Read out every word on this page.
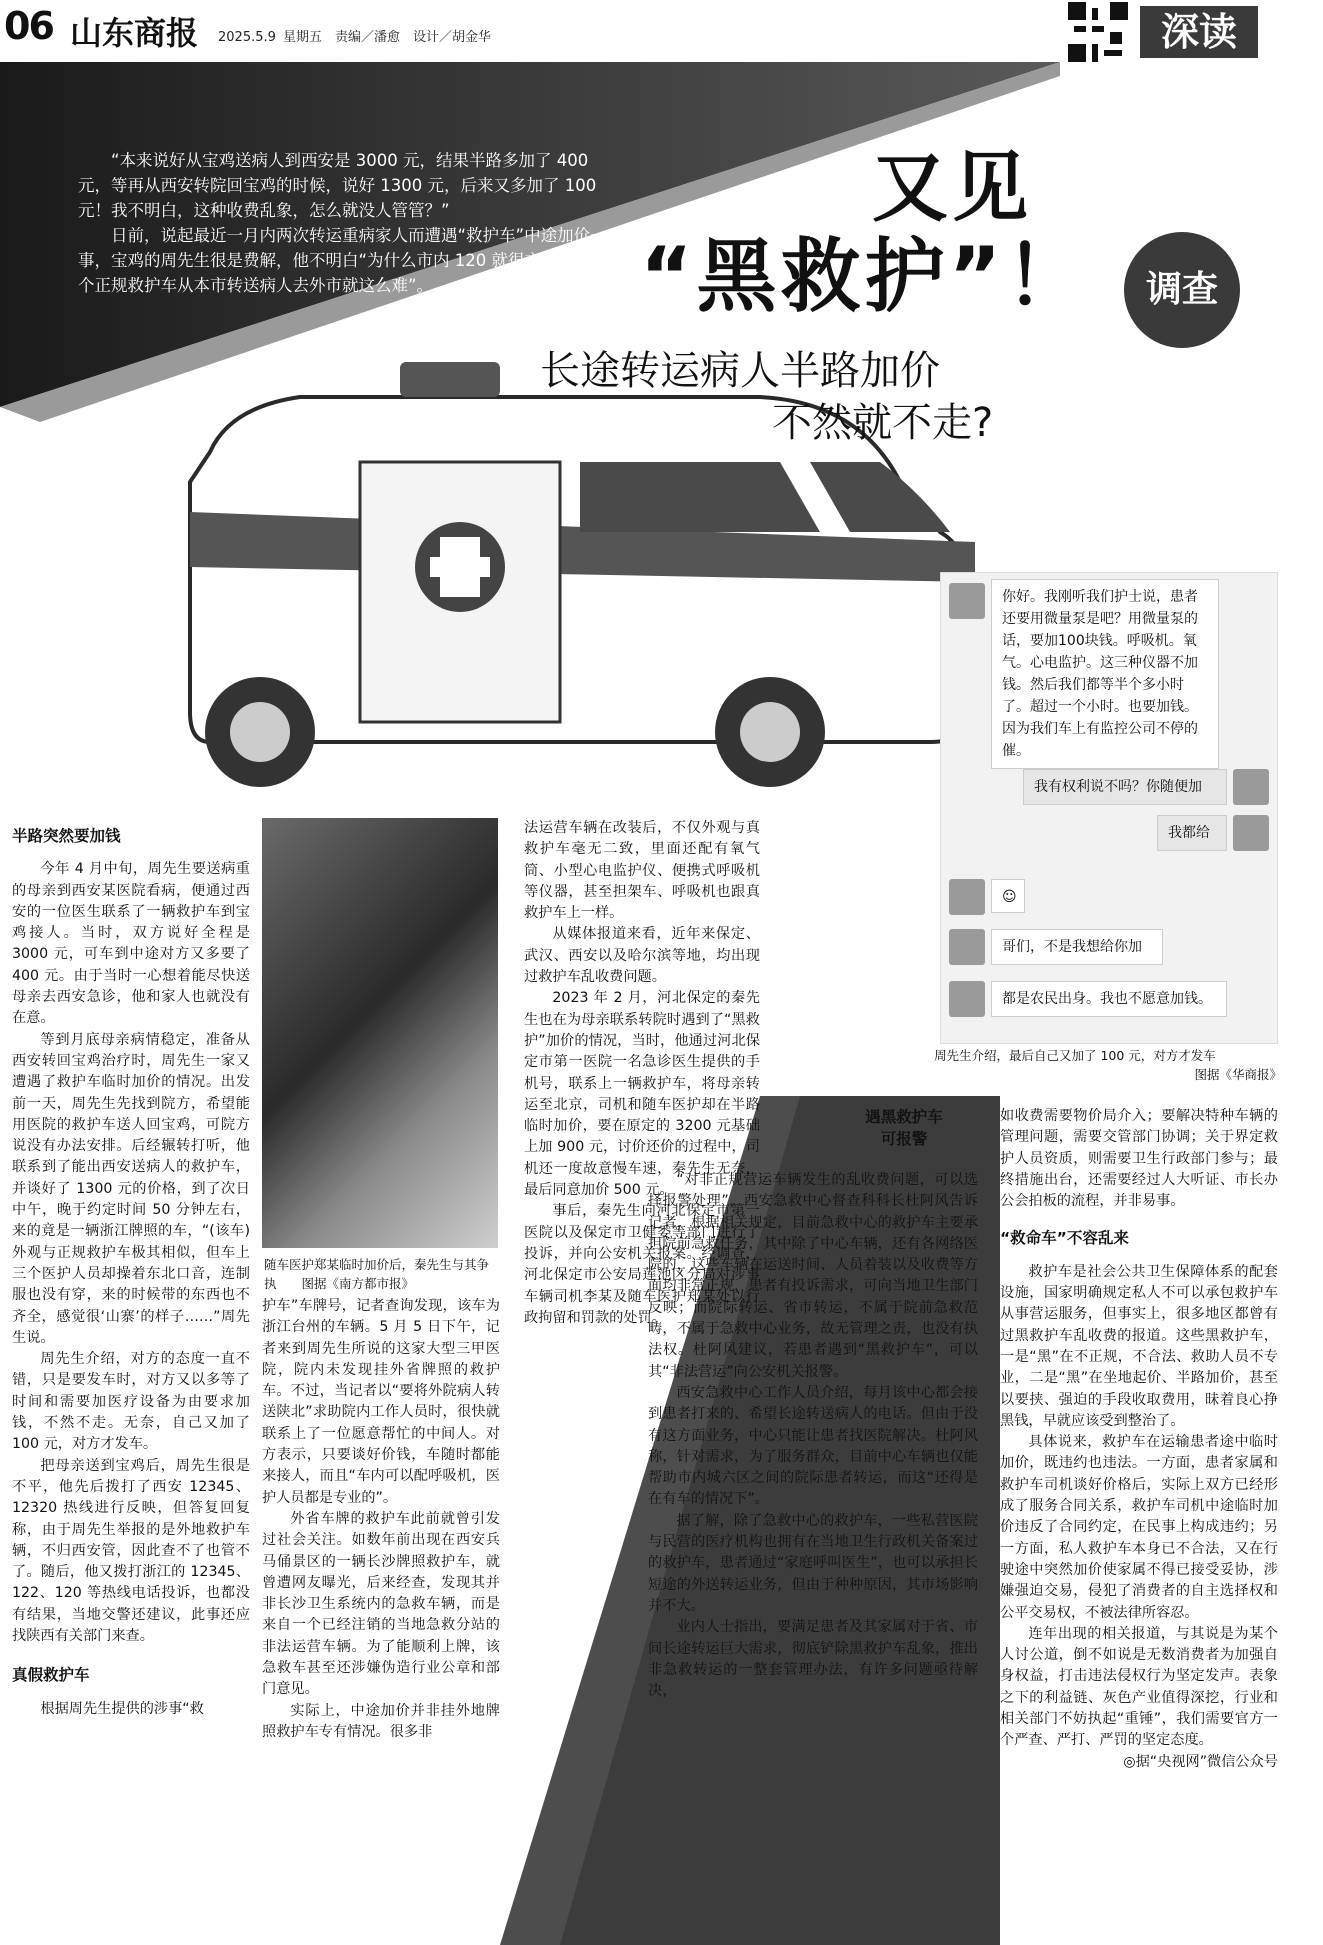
06 山东商报 2025.5.9 星期五　责编／潘愈　设计／胡金华	深读

“本来说好从宝鸡送病人到西安是 3000 元，结果半路多加了 400 元，等再从西安转院回宝鸡的时候，说好 1300 元，后来又多加了 100 元！我不明白，这种收费乱象，怎么就没人管管？”

日前，说起最近一月内两次转运重病家人而遭遇“救护车”中途加价一事，宝鸡的周先生很是费解，他不明白“为什么市内 120 就很方便，要找个正规救护车从本市转送病人去外市就这么难”。

>>>
又见
“黑救护”！
长途转运病人半路加价
不然就不走?
调查
你好。我刚听我们护士说，患者还要用微量泵是吧？用微量泵的话，要加100块钱。呼吸机。氧气。心电监护。这三种仪器不加钱。然后我们都等半个多小时了。超过一个小时。也要加钱。因为我们车上有监控公司不停的催。
我有权利说不吗？你随便加
我都给
☺
哥们，不是我想给你加
都是农民出身。我也不愿意加钱。
周先生介绍，最后自己又加了 100 元，对方才发车
图据《华商报》
半路突然要加钱

今年 4 月中旬，周先生要送病重的母亲到西安某医院看病，便通过西安的一位医生联系了一辆救护车到宝鸡接人。当时，双方说好全程是 3000 元，可车到中途对方又多要了 400 元。由于当时一心想着能尽快送母亲去西安急诊，他和家人也就没有在意。

等到月底母亲病情稳定，准备从西安转回宝鸡治疗时，周先生一家又遭遇了救护车临时加价的情况。出发前一天，周先生先找到院方，希望能用医院的救护车送人回宝鸡，可院方说没有办法安排。后经辗转打听，他联系到了能出西安送病人的救护车，并谈好了 1300 元的价格，到了次日中午，晚于约定时间 50 分钟左右，来的竟是一辆浙江牌照的车，“(该车)外观与正规救护车极其相似，但车上三个医护人员却操着东北口音，连制服也没有穿，来的时候带的东西也不齐全，感觉很‘山寨’的样子……”周先生说。

周先生介绍，对方的态度一直不错，只是要发车时，对方又以多等了时间和需要加医疗设备为由要求加钱，不然不走。无奈，自己又加了 100 元，对方才发车。

把母亲送到宝鸡后，周先生很是不平，他先后拨打了西安 12345、12320 热线进行反映，但答复回复称，由于周先生举报的是外地救护车辆，不归西安管，因此查不了也管不了。随后，他又拨打浙江的 12345、122、120 等热线电话投诉，也都没有结果，当地交警还建议，此事还应找陕西有关部门来查。

真假救护车

根据周先生提供的涉事“救

随车医护郑某临时加价后，秦先生与其争执　　图据《南方都市报》

护车”车牌号，记者查询发现，该车为浙江台州的车辆。5 月 5 日下午，记者来到周先生所说的这家大型三甲医院，院内未发现挂外省牌照的救护车。不过，当记者以“要将外院病人转送陕北”求助院内工作人员时，很快就联系上了一位愿意帮忙的中间人。对方表示，只要谈好价钱，车随时都能来接人，而且“车内可以配呼吸机，医护人员都是专业的”。

外省车牌的救护车此前就曾引发过社会关注。如数年前出现在西安兵马俑景区的一辆长沙牌照救护车，就曾遭网友曝光，后来经查，发现其并非长沙卫生系统内的急救车辆，而是来自一个已经注销的当地急救分站的非法运营车辆。为了能顺利上牌，该急救车甚至还涉嫌伪造行业公章和部门意见。

实际上，中途加价并非挂外地牌照救护车专有情况。很多非

法运营车辆在改装后，不仅外观与真救护车毫无二致，里面还配有氧气筒、小型心电监护仪、便携式呼吸机等仪器，甚至担架车、呼吸机也跟真救护车上一样。

从媒体报道来看，近年来保定、武汉、西安以及哈尔滨等地，均出现过救护车乱收费问题。

2023 年 2 月，河北保定的秦先生也在为母亲联系转院时遇到了“黑救护”加价的情况，当时，他通过河北保定市第一医院一名急诊医生提供的手机号，联系上一辆救护车，将母亲转运至北京，司机和随车医护却在半路临时加价，要在原定的 3200 元基础上加 900 元，讨价还价的过程中，司机还一度故意慢车速，秦先生无奈，最后同意加价 500 元。

事后，秦先生向河北保定市第一医院以及保定市卫健委等部门进行了投诉，并向公安机关报案。经调查，河北保定市公安局莲池区分局对涉事车辆司机李某及随车医护郑某处以行政拘留和罚款的处罚。

遇黑救护车
可报警

“对非正规营运车辆发生的乱收费问题，可以选择报警处理”，西安急救中心督查科科长杜阿风告诉记者，根据相关规定，目前急救中心的救护车主要承担院前急救任务，其中除了中心车辆，还有各网络医院的，这些车辆在运送时间、人员着装以及收费等方面均非常正规，患者有投诉需求，可向当地卫生部门反映；而院际转运、省市转运，不属于院前急救范畴，不属于急救中心业务，故无管理之责，也没有执法权。杜阿风建议，若患者遇到“黑救护车”，可以其“非法营运”向公安机关报警。

西安急救中心工作人员介绍，每月该中心都会接到患者打来的、希望长途转送病人的电话。但由于没有这方面业务，中心只能让患者找医院解决。杜阿风称，针对需求，为了服务群众，目前中心车辆也仅能帮助市内城六区之间的院际患者转运，而这“还得是在有车的情况下”。

据了解，除了急救中心的救护车，一些私营医院与民营的医疗机构也拥有在当地卫生行政机关备案过的救护车，患者通过“家庭呼叫医生”，也可以承担长短途的外送转运业务，但由于种种原因，其市场影响并不大。

业内人士指出，要满足患者及其家属对于省、市间长途转运巨大需求，彻底铲除黑救护车乱象，推出非急救转运的一整套管理办法，有许多问题亟待解决，

如收费需要物价局介入；要解决特种车辆的管理问题，需要交管部门协调；关于界定救护人员资质，则需要卫生行政部门参与；最终措施出台，还需要经过人大听证、市长办公会拍板的流程，并非易事。

“救命车”不容乱来

救护车是社会公共卫生保障体系的配套设施，国家明确规定私人不可以承包救护车从事营运服务，但事实上，很多地区都曾有过黑救护车乱收费的报道。这些黑救护车，一是“黑”在不正规，不合法、救助人员不专业，二是“黑”在坐地起价、半路加价，甚至以要挟、强迫的手段收取费用，昧着良心挣黑钱，早就应该受到整治了。

具体说来，救护车在运输患者途中临时加价，既违约也违法。一方面，患者家属和救护车司机谈好价格后，实际上双方已经形成了服务合同关系，救护车司机中途临时加价违反了合同约定，在民事上构成违约；另一方面，私人救护车本身已不合法，又在行驶途中突然加价使家属不得已接受妥协，涉嫌强迫交易，侵犯了消费者的自主选择权和公平交易权，不被法律所容忍。

连年出现的相关报道，与其说是为某个人讨公道，倒不如说是无数消费者为加强自身权益，打击违法侵权行为坚定发声。表象之下的利益链、灰色产业值得深挖，行业和相关部门不妨执起“重锤”，我们需要官方一个严查、严打、严罚的坚定态度。

◎据“央视网”微信公众号
